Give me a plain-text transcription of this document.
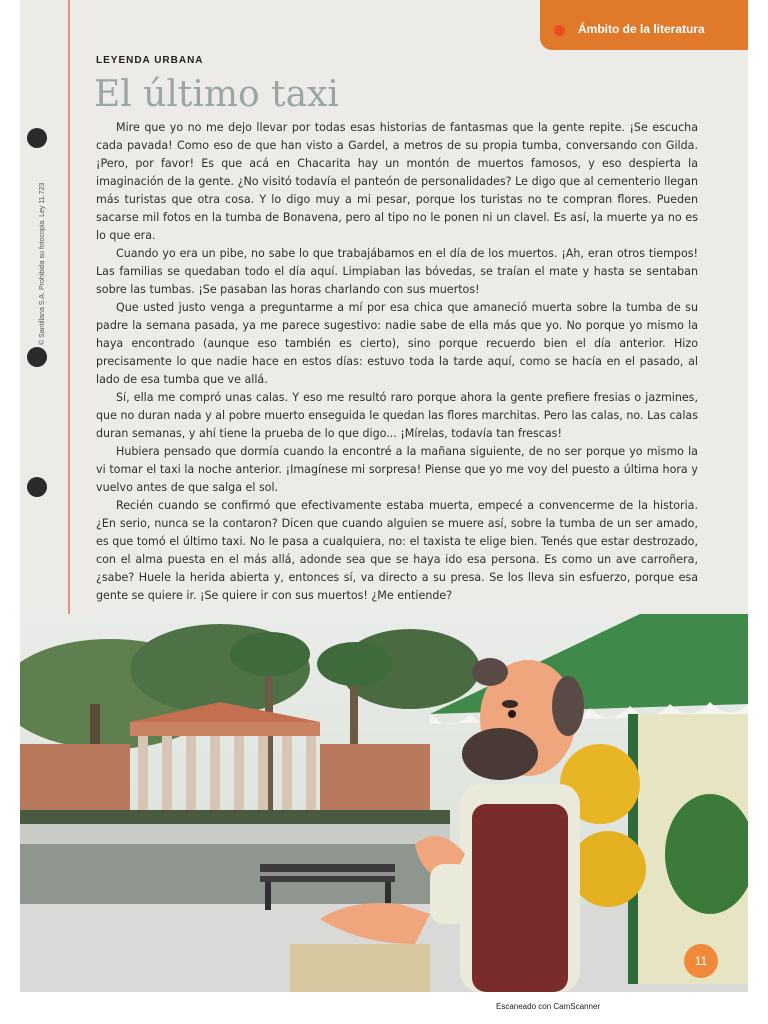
Ámbito de la literatura
© Santillana S.A. Prohibida su fotocopia. Ley 11.723
LEYENDA URBANA
El último taxi

Mire que yo no me dejo llevar por todas esas historias de fantasmas que la gente repite. ¡Se escucha cada pavada! Como eso de que han visto a Gardel, a metros de su propia tumba, conversando con Gilda. ¡Pero, por favor! Es que acá en Chacarita hay un montón de muertos famosos, y eso despierta la imaginación de la gente. ¿No visitó todavía el panteón de personalidades? Le digo que al cementerio llegan más turistas que otra cosa. Y lo digo muy a mi pesar, porque los turistas no te compran flores. Pueden sacarse mil fotos en la tumba de Bonavena, pero al tipo no le ponen ni un clavel. Es así, la muerte ya no es lo que era.

Cuando yo era un pibe, no sabe lo que trabajábamos en el día de los muertos. ¡Ah, eran otros tiempos! Las familias se quedaban todo el día aquí. Limpiaban las bóvedas, se traían el mate y hasta se sentaban sobre las tumbas. ¡Se pasaban las horas charlando con sus muertos!

Que usted justo venga a preguntarme a mí por esa chica que amaneció muerta sobre la tumba de su padre la semana pasada, ya me parece sugestivo: nadie sabe de ella más que yo. No porque yo mismo la haya encontrado (aunque eso también es cierto), sino porque recuerdo bien el día anterior. Hizo precisamente lo que nadie hace en estos días: estuvo toda la tarde aquí, como se hacía en el pasado, al lado de esa tumba que ve allá.

Sí, ella me compró unas calas. Y eso me resultó raro porque ahora la gente prefiere fresias o jazmines, que no duran nada y al pobre muerto enseguida le quedan las flores marchitas. Pero las calas, no. Las calas duran semanas, y ahí tiene la prueba de lo que digo... ¡Mírelas, todavía tan frescas!

Hubiera pensado que dormía cuando la encontré a la mañana siguiente, de no ser porque yo mismo la vi tomar el taxi la noche anterior. ¡Imagínese mi sorpresa! Piense que yo me voy del puesto a última hora y vuelvo antes de que salga el sol.

Recién cuando se confirmó que efectivamente estaba muerta, empecé a convencerme de la historia. ¿En serio, nunca se la contaron? Dicen que cuando alguien se muere así, sobre la tumba de un ser amado, es que tomó el último taxi. No le pasa a cualquiera, no: el taxista te elige bien. Tenés que estar destrozado, con el alma puesta en el más allá, adonde sea que se haya ido esa persona. Es como un ave carroñera, ¿sabe? Huele la herida abierta y, entonces sí, va directo a su presa. Se los lleva sin esfuerzo, porque esa gente se quiere ir. ¡Se quiere ir con sus muertos! ¿Me entiende?

11
Escaneado con CamScanner
